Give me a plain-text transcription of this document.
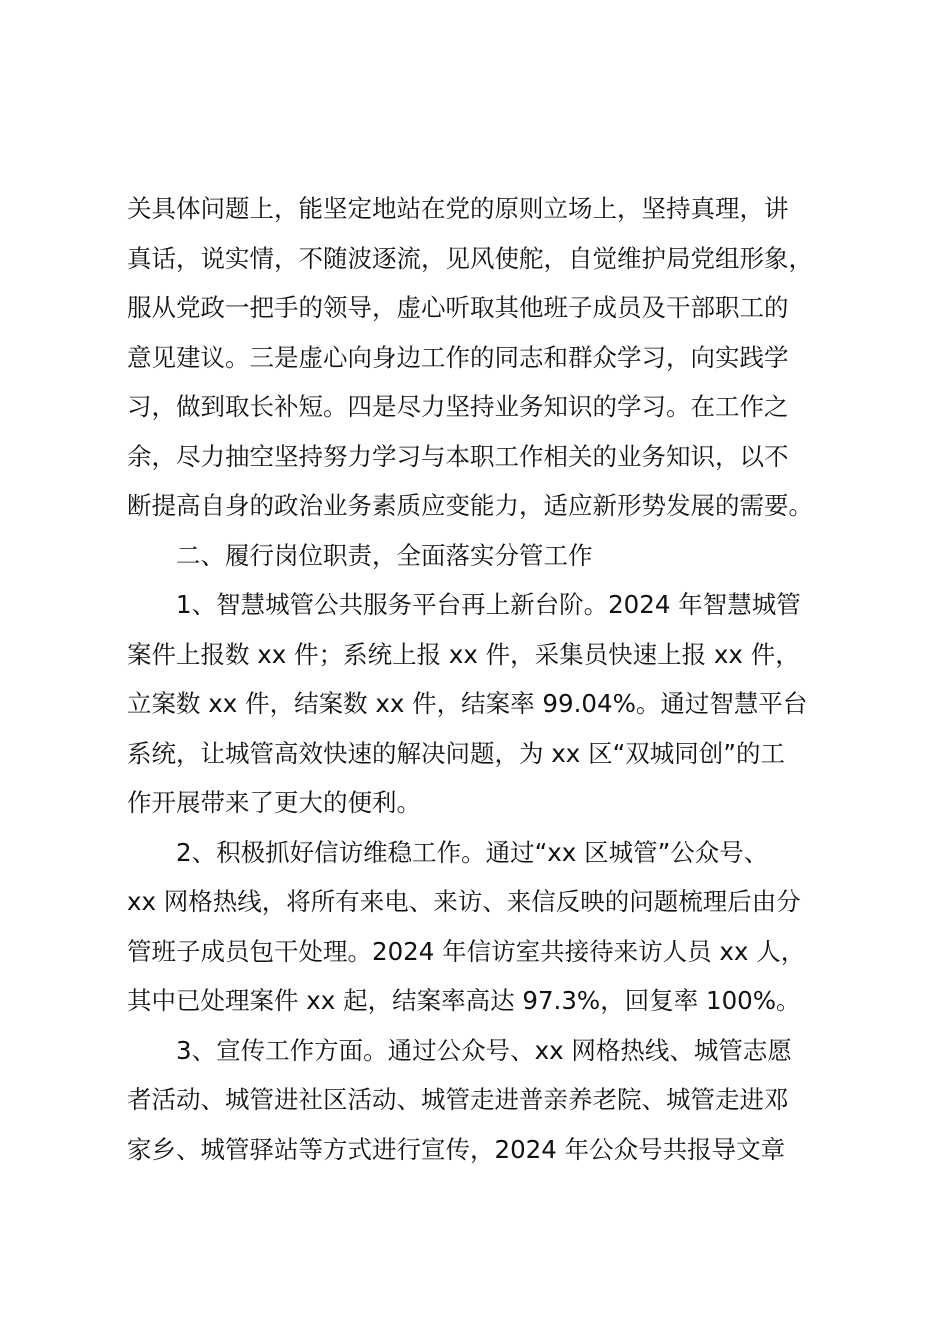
关具体问题上，能坚定地站在党的原则立场上，坚持真理，讲
真话，说实情，不随波逐流，见风使舵，自觉维护局党组形象，
服从党政一把手的领导，虚心听取其他班子成员及干部职工的
意见建议。三是虚心向身边工作的同志和群众学习，向实践学
习，做到取长补短。四是尽力坚持业务知识的学习。在工作之
余，尽力抽空坚持努力学习与本职工作相关的业务知识，以不
断提高自身的政治业务素质应变能力，适应新形势发展的需要。
二、履行岗位职责，全面落实分管工作
1、智慧城管公共服务平台再上新台阶。2024 年智慧城管
案件上报数 xx 件；系统上报 xx 件，采集员快速上报 xx 件，
立案数 xx 件，结案数 xx 件，结案率 99.04%。通过智慧平台
系统，让城管高效快速的解决问题，为 xx 区“双城同创”的工
作开展带来了更大的便利。
2、积极抓好信访维稳工作。通过“xx 区城管”公众号、
xx 网格热线，将所有来电、来访、来信反映的问题梳理后由分
管班子成员包干处理。2024 年信访室共接待来访人员 xx 人，
其中已处理案件 xx 起，结案率高达 97.3%，回复率 100%。
3、宣传工作方面。通过公众号、xx 网格热线、城管志愿
者活动、城管进社区活动、城管走进普亲养老院、城管走进邓
家乡、城管驿站等方式进行宣传，2024 年公众号共报导文章
